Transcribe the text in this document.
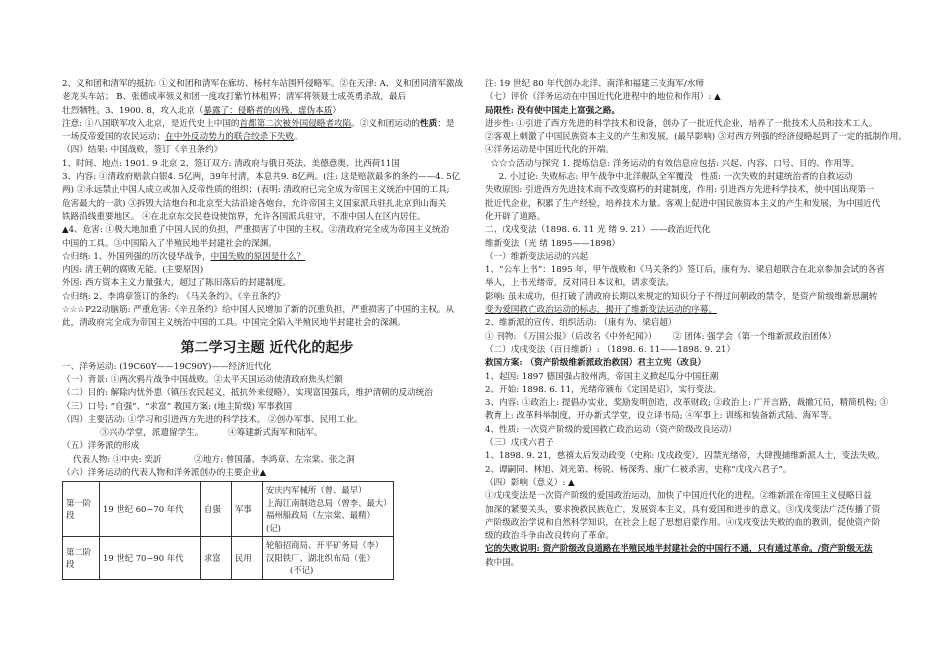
2、义和团和清军的抵抗: ①义和团和清军在廊坊、杨村车站围歼侵略军。②在天津: A、义和团同清军激战
老龙头车站； B、张德成率领义和团一度攻打紫竹林租界；清军将领聂士成英勇杀敌，最后
壮烈牺牲。3、1900. 8，攻入北京（暴露了：侵略者的凶残、虚伪本质）
注意: ①八国联军攻入北京，是近代史上中国的首都第二次被外国侵略者攻陷。②义和团运动的性质：是
一场反帝爱国的农民运动；在中外反动势力的联合绞杀下失败。
（四）结果: 中国战败，签订《辛丑条约》
1、时间、地点: 1901. 9 北京 2、签订双方: 清政府与俄日英法、美德意奥、比西荷11国
3、内容: ①清政府赔款白银4. 5亿两，39年付清，本息共9. 8亿两。(注: 这是赔款最多的条约——4. 5亿
两) ②永远禁止中国人成立或加入反帝性质的组织；(表明: 清政府已完全成为帝国主义统治中国的工具;
危害最大的一款) ③拆毁大沽炮台和北京至大沽沿途各炮台，允许帝国主义国家派兵驻扎北京到山海关
铁路沿线重要地区。 ④在北京东交民巷设使馆界，允许各国派兵驻守，不准中国人在区内居住。
▲4、危害: ①极大地加重了中国人民的负担，严重损害了中国的主权。②清政府完全成为帝国主义统治
中国的工具。③中国陷入了半殖民地半封建社会的深渊。
☆归纳: 1、外国列强的历次侵华战争，中国失败的原因是什么？
内因: 清王朝的腐败无能。(主要原因)
外因: 西方资本主义力量强大，超过了陈旧落后的封建制度。
☆归纳: 2、李鸿章签订的条约: 《马关条约》、《辛丑条约》
☆☆☆P22动脑筋: 严重危害:《辛丑条约》给中国人民增加了新的沉重负担，严重损害了中国的主权。从
此，清政府完全成为帝国主义统治中国的工具。中国完全陷入半殖民地半封建社会的深渊。
第二学习主题 近代化的起步
一、洋务运动: (19C60Y——19C90Y)——经济近代化
（一）背景: ①两次鸦片战争中国战败。②太平天国运动使清政府焦头烂额
（二）目的: 解除内忧外患（镇压农民起义，抵抗外来侵略），实现富国强兵，维护清朝的反动统治
（三）口号: “自强”、“求富” 教国方案: (地主阶级) 军事救国
（四）主要活动: ①学习和引进西方先进的科学技术。 ②创办军事、民用工业。
③兴办学堂，派遣留学生。         ④筹建新式海军和陆军。
（五）洋务派的形成
代表人物: ①中央: 奕訢            ②地方: 曾国藩、李鸿章、左宗棠、张之洞
（六）洋务运动的代表人物和洋务派创办的主要企业▲
第一阶段	19 世纪 60~70 年代	自强	军事	安庆内军械所（曾、最早）
上海江南制造总局（曾李、最大）
福州船政局（左宗棠、最精） (记)

第二阶段	19 世纪 70~90 年代	求富	民用	轮船招商局、开平矿务局（李）
汉阳铁厂、湖北织布局（张）
(不记)
注: 19 世纪 80 年代创办北洋、南洋和福建三支海军/水师
（七）评价（洋务运动在中国近代化进程中的地位和作用）: ▲
局限性: 没有使中国走上富强之路。
进步性: ①引进了西方先进的科学技术和设备，创办了一批近代企业，培养了一批技术人员和技术工人。
②客观上刺激了中国民族资本主义的产生和发展，(最早影响) ③对西方列强的经济侵略起到了一定的抵制作用。
④洋务运动是中国近代化的开端。
☆☆☆活动与探究 1. 提炼信息: 洋务运动的有效信息应包括: 兴起、内容、口号、目的、作用等。
2. 小过论: 失败标志: 甲午战争中北洋舰队全军覆没   性质: 一次失败的封建统治者的自救运动
失败原因: 引进西方先进技术而不改变腐朽的封建制度，作用: 引进西方先进科学技术，使中国出现第一
批近代企业，积累了生产经验，培养技术力量。客观上促进中国民族资本主义的产生和发展，为中国近代
化开辟了道路。
二、戊戌变法（1898. 6. 11 光 绪 9. 21）——政治近代化
维新变法（光 绪 1895——1898）
（一）维新变法运动的兴起
1、“公车上书”：1895 年，甲午战败和《马关条约》签订后，康有为、梁启超联合在北京参加会试的各省
举人，上书光绪帝，反对同日本议和，请求变法。
影响: 虽未成功，但打破了清政府长期以来规定的知识分子不得过问朝政的禁令，是资产阶级维新思潮转
变为爱国救亡政治运动的标志，揭开了维新变法运动的序幕。
2、维新派的宣传、组织活动: （康有为、梁启超）
① 刊物: 《万国公报》（后改名《中外纪闻》）      ② 团体: 强学会（第一个维新派政治团体）
（二）戊戌变法（百日维新）: （1898. 6. 11——1898. 9. 21）
救国方案: （资产阶级维新派政治救国）君主立宪（改良）
1、起因: 1897 德国强占胶州湾，帝国主义掀起瓜分中国狂潮
2、开始: 1898. 6. 11，光绪帝颁布《定国是诏》，实行变法。
3、内容: ①政治上: 提倡办实业，奖励发明创造，改革财政; ②政治上: 广开言路，裁撤冗员，精简机构; ③
教育上: 改革科举制度，开办新式学堂，设立译书局; ④军事上: 训练和装备新式陆、海军等。
4、性质: 一次资产阶级的爱国救亡政治运动（资产阶级改良运动）
（三）戊戌六君子
1、1898. 9. 21，慈禧太后发动政变（史称: 戊戌政变），囚禁光绪帝，大肆搜捕维新派人士，变法失败。
2、谭嗣同、林旭、刘光第、杨锐、杨深秀、康广仁被杀害，史称“戊戌六君子”。
（四）影响（意义）: ▲
①戊戌变法是一次资产阶级的爱国政治运动，加快了中国近代化的进程。②维新派在帝国主义侵略日益
加深的紧要关头，要求挽救民族危亡，发展资本主义，具有爱国和进步的意义。③戊戌变法广泛传播了资
产阶级政治学说和自然科学知识，在社会上起了思想启蒙作用。④戊戌变法失败的血的教训，促使资产阶
级的政治斗争由改良转向了革命。
它的失败说明: 资产阶级改良道路在半殖民地半封建社会的中国行不通，只有通过革命。/资产阶级无法
救中国。
